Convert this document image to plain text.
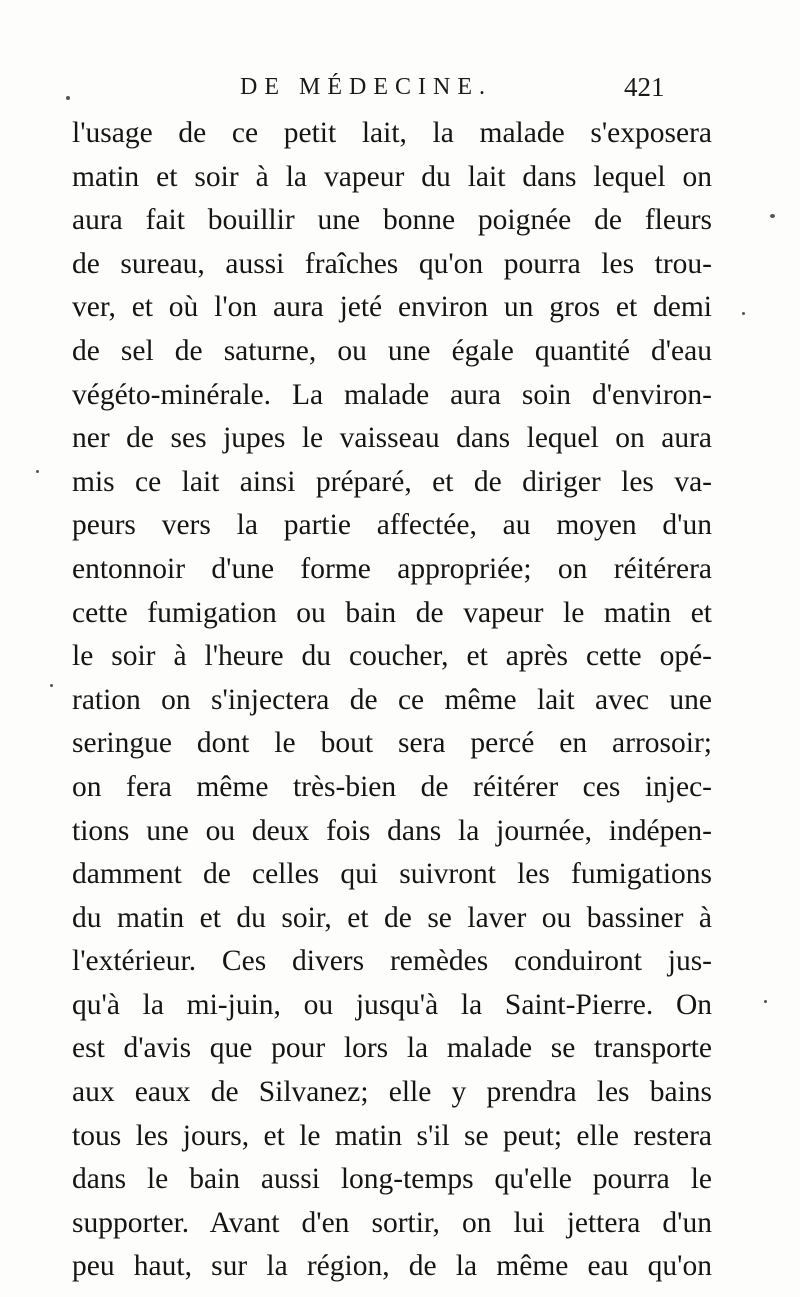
DE MÉDECINE.	421
l'usage de ce petit lait, la malade s'exposera
matin et soir à la vapeur du lait dans lequel on
aura fait bouillir une bonne poignée de fleurs
de sureau, aussi fraîches qu'on pourra les trou-
ver, et où l'on aura jeté environ un gros et demi
de sel de saturne, ou une égale quantité d'eau
végéto-minérale. La malade aura soin d'environ-
ner de ses jupes le vaisseau dans lequel on aura
mis ce lait ainsi préparé, et de diriger les va-
peurs vers la partie affectée, au moyen d'un
entonnoir d'une forme appropriée; on réitérera
cette fumigation ou bain de vapeur le matin et
le soir à l'heure du coucher, et après cette opé-
ration on s'injectera de ce même lait avec une
seringue dont le bout sera percé en arrosoir;
on fera même très-bien de réitérer ces injec-
tions une ou deux fois dans la journée, indépen-
damment de celles qui suivront les fumigations
du matin et du soir, et de se laver ou bassiner à
l'extérieur. Ces divers remèdes conduiront jus-
qu'à la mi-juin, ou jusqu'à la Saint-Pierre. On
est d'avis que pour lors la malade se transporte
aux eaux de Silvanez; elle y prendra les bains
tous les jours, et le matin s'il se peut; elle restera
dans le bain aussi long-temps qu'elle pourra le
supporter. Avant d'en sortir, on lui jettera d'un
peu haut, sur la région, de la même eau qu'on
